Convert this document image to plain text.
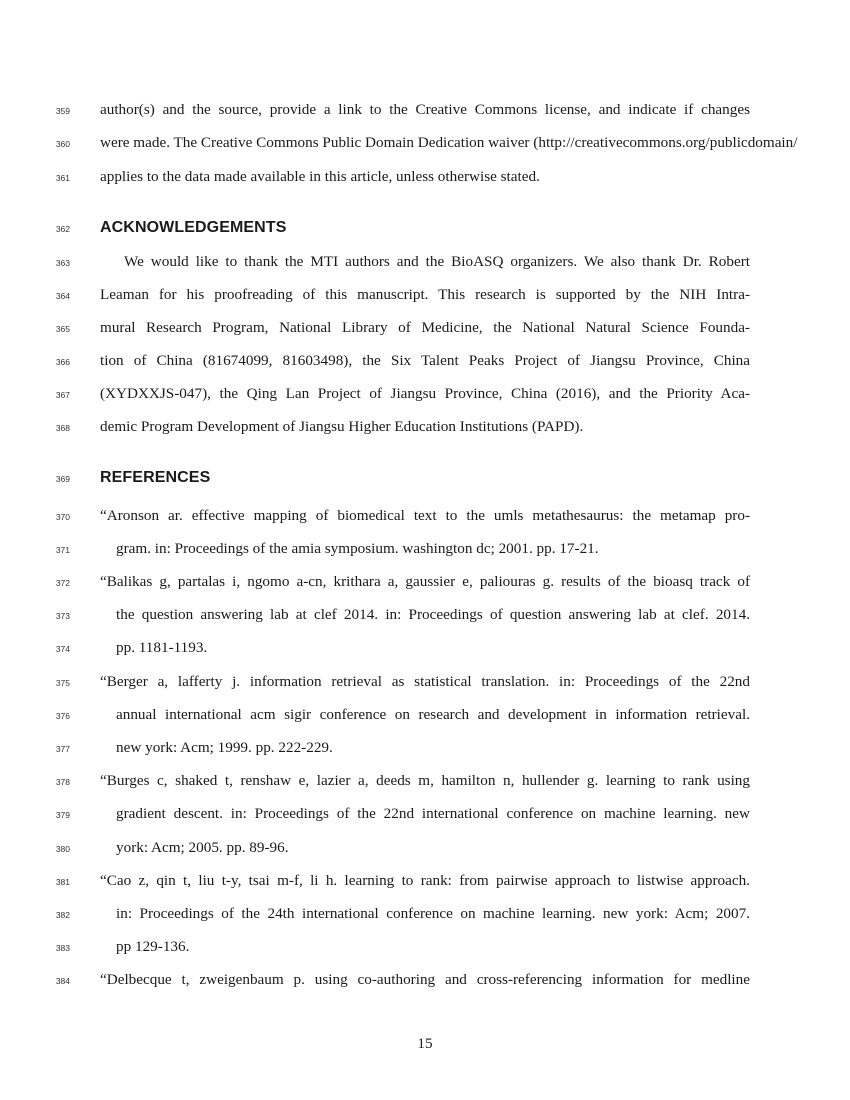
359 author(s) and the source, provide a link to the Creative Commons license, and indicate if changes
360 were made. The Creative Commons Public Domain Dedication waiver (http://creativecommons.org/publicdomain/
361 applies to the data made available in this article, unless otherwise stated.
362 ACKNOWLEDGEMENTS
363	We would like to thank the MTI authors and the BioASQ organizers. We also thank Dr. Robert
364 Leaman for his proofreading of this manuscript. This research is supported by the NIH Intra-
365 mural Research Program, National Library of Medicine, the National Natural Science Founda-
366 tion of China (81674099, 81603498), the Six Talent Peaks Project of Jiangsu Province, China
367 (XYDXXJS-047), the Qing Lan Project of Jiangsu Province, China (2016), and the Priority Aca-
368 demic Program Development of Jiangsu Higher Education Institutions (PAPD).
369 REFERENCES
370 “Aronson ar. effective mapping of biomedical text to the umls metathesaurus: the metamap pro-
371	gram. in: Proceedings of the amia symposium. washington dc; 2001. pp. 17-21.
372 “Balikas g, partalas i, ngomo a-cn, krithara a, gaussier e, paliouras g. results of the bioasq track of
373	the question answering lab at clef 2014. in: Proceedings of question answering lab at clef. 2014.
374	pp. 1181-1193.
375 “Berger a, lafferty j. information retrieval as statistical translation. in: Proceedings of the 22nd
376	annual international acm sigir conference on research and development in information retrieval.
377	new york: Acm; 1999. pp. 222-229.
378 “Burges c, shaked t, renshaw e, lazier a, deeds m, hamilton n, hullender g. learning to rank using
379	gradient descent. in: Proceedings of the 22nd international conference on machine learning. new
380	york: Acm; 2005. pp. 89-96.
381 “Cao z, qin t, liu t-y, tsai m-f, li h. learning to rank: from pairwise approach to listwise approach.
382	in: Proceedings of the 24th international conference on machine learning. new york: Acm; 2007.
383	pp 129-136.
384 “Delbecque t, zweigenbaum p. using co-authoring and cross-referencing information for medline
15
